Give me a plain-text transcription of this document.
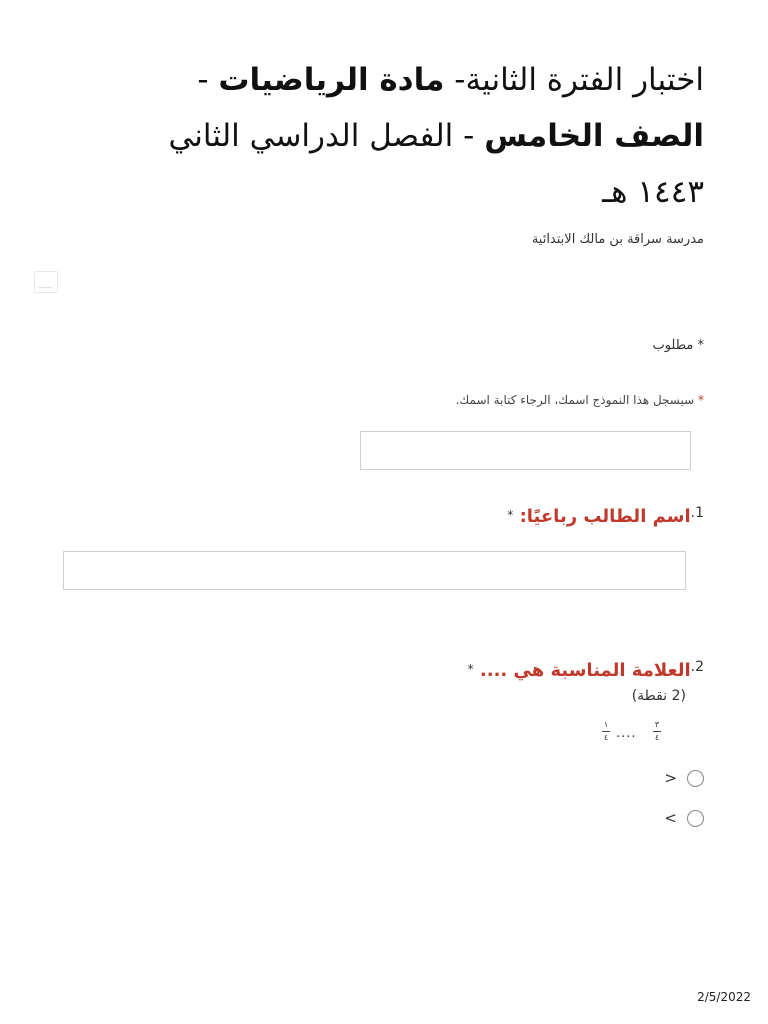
اختبار الفترة الثانية- مادة الرياضيات - الصف الخامس - الفصل الدراسي الثاني ١٤٤٣ هـ
مدرسة سراقة بن مالك الابتدائية
* مطلوب
* سيسجل هذا النموذج اسمك، الرجاء كتابة اسمك.
$^{1.}$اسم الطالب رباعيًا: *
$^{2.}$العلامة المناسبة هي .... *
(2 نقطة)
١
٤ ....
٣
٤
<
>
2/5/2022
